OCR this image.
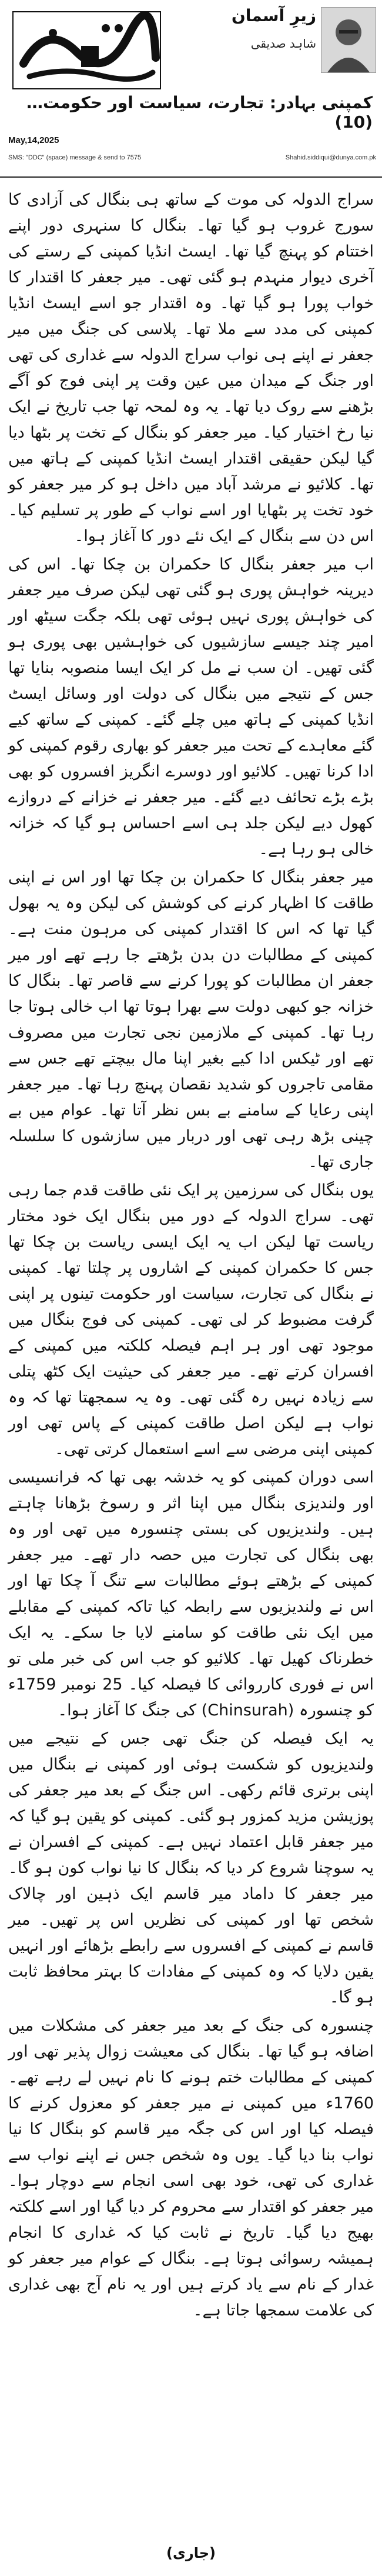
زیرِ آسمان
شاہد صدیقی
کمپنی بہادر: تجارت، سیاست اور حکومت…(10)
May,14,2025
SMS: "DDC" (space) message & send to 7575	Shahid.siddiqui@dunya.com.pk

سراج الدولہ کی موت کے ساتھ ہی بنگال کی آزادی کا سورج غروب ہو گیا تھا۔ بنگال کا سنہری دور اپنے اختتام کو پہنچ گیا تھا۔ ایسٹ انڈیا کمپنی کے رستے کی آخری دیوار منہدم ہو گئی تھی۔ میر جعفر کا اقتدار کا خواب پورا ہو گیا تھا۔ وہ اقتدار جو اسے ایسٹ انڈیا کمپنی کی مدد سے ملا تھا۔ پلاسی کی جنگ میں میر جعفر نے اپنے ہی نواب سراج الدولہ سے غداری کی تھی اور جنگ کے میدان میں عین وقت پر اپنی فوج کو آگے بڑھنے سے روک دیا تھا۔ یہ وہ لمحہ تھا جب تاریخ نے ایک نیا رخ اختیار کیا۔ میر جعفر کو بنگال کے تخت پر بٹھا دیا گیا لیکن حقیقی اقتدار ایسٹ انڈیا کمپنی کے ہاتھ میں تھا۔ کلائیو نے مرشد آباد میں داخل ہو کر میر جعفر کو خود تخت پر بٹھایا اور اسے نواب کے طور پر تسلیم کیا۔ اس دن سے بنگال کے ایک نئے دور کا آغاز ہوا۔

اب میر جعفر بنگال کا حکمران بن چکا تھا۔ اس کی دیرینہ خواہش پوری ہو گئی تھی لیکن صرف میر جعفر کی خواہش پوری نہیں ہوئی تھی بلکہ جگت سیٹھ اور امیر چند جیسے سازشیوں کی خواہشیں بھی پوری ہو گئی تھیں۔ ان سب نے مل کر ایک ایسا منصوبہ بنایا تھا جس کے نتیجے میں بنگال کی دولت اور وسائل ایسٹ انڈیا کمپنی کے ہاتھ میں چلے گئے۔ کمپنی کے ساتھ کیے گئے معاہدے کے تحت میر جعفر کو بھاری رقوم کمپنی کو ادا کرنا تھیں۔ کلائیو اور دوسرے انگریز افسروں کو بھی بڑے بڑے تحائف دیے گئے۔ میر جعفر نے خزانے کے دروازے کھول دیے لیکن جلد ہی اسے احساس ہو گیا کہ خزانہ خالی ہو رہا ہے۔

میر جعفر بنگال کا حکمران بن چکا تھا اور اس نے اپنی طاقت کا اظہار کرنے کی کوشش کی لیکن وہ یہ بھول گیا تھا کہ اس کا اقتدار کمپنی کی مرہون منت ہے۔ کمپنی کے مطالبات دن بدن بڑھتے جا رہے تھے اور میر جعفر ان مطالبات کو پورا کرنے سے قاصر تھا۔ بنگال کا خزانہ جو کبھی دولت سے بھرا ہوتا تھا اب خالی ہوتا جا رہا تھا۔ کمپنی کے ملازمین نجی تجارت میں مصروف تھے اور ٹیکس ادا کیے بغیر اپنا مال بیچتے تھے جس سے مقامی تاجروں کو شدید نقصان پہنچ رہا تھا۔ میر جعفر اپنی رعایا کے سامنے بے بس نظر آتا تھا۔ عوام میں بے چینی بڑھ رہی تھی اور دربار میں سازشوں کا سلسلہ جاری تھا۔

یوں بنگال کی سرزمین پر ایک نئی طاقت قدم جما رہی تھی۔ سراج الدولہ کے دور میں بنگال ایک خود مختار ریاست تھا لیکن اب یہ ایک ایسی ریاست بن چکا تھا جس کا حکمران کمپنی کے اشاروں پر چلتا تھا۔ کمپنی نے بنگال کی تجارت، سیاست اور حکومت تینوں پر اپنی گرفت مضبوط کر لی تھی۔ کمپنی کی فوج بنگال میں موجود تھی اور ہر اہم فیصلہ کلکتہ میں کمپنی کے افسران کرتے تھے۔ میر جعفر کی حیثیت ایک کٹھ پتلی سے زیادہ نہیں رہ گئی تھی۔ وہ یہ سمجھتا تھا کہ وہ نواب ہے لیکن اصل طاقت کمپنی کے پاس تھی اور کمپنی اپنی مرضی سے اسے استعمال کرتی تھی۔

اسی دوران کمپنی کو یہ خدشہ بھی تھا کہ فرانسیسی اور ولندیزی بنگال میں اپنا اثر و رسوخ بڑھانا چاہتے ہیں۔ ولندیزیوں کی بستی چنسورہ میں تھی اور وہ بھی بنگال کی تجارت میں حصہ دار تھے۔ میر جعفر کمپنی کے بڑھتے ہوئے مطالبات سے تنگ آ چکا تھا اور اس نے ولندیزیوں سے رابطہ کیا تاکہ کمپنی کے مقابلے میں ایک نئی طاقت کو سامنے لایا جا سکے۔ یہ ایک خطرناک کھیل تھا۔ کلائیو کو جب اس کی خبر ملی تو اس نے فوری کارروائی کا فیصلہ کیا۔ 25 نومبر 1759ء کو چنسورہ (Chinsurah) کی جنگ کا آغاز ہوا۔

یہ ایک فیصلہ کن جنگ تھی جس کے نتیجے میں ولندیزیوں کو شکست ہوئی اور کمپنی نے بنگال میں اپنی برتری قائم رکھی۔ اس جنگ کے بعد میر جعفر کی پوزیشن مزید کمزور ہو گئی۔ کمپنی کو یقین ہو گیا کہ میر جعفر قابل اعتماد نہیں ہے۔ کمپنی کے افسران نے یہ سوچنا شروع کر دیا کہ بنگال کا نیا نواب کون ہو گا۔ میر جعفر کا داماد میر قاسم ایک ذہین اور چالاک شخص تھا اور کمپنی کی نظریں اس پر تھیں۔ میر قاسم نے کمپنی کے افسروں سے رابطے بڑھائے اور انہیں یقین دلایا کہ وہ کمپنی کے مفادات کا بہتر محافظ ثابت ہو گا۔

چنسورہ کی جنگ کے بعد میر جعفر کی مشکلات میں اضافہ ہو گیا تھا۔ بنگال کی معیشت زوال پذیر تھی اور کمپنی کے مطالبات ختم ہونے کا نام نہیں لے رہے تھے۔ 1760ء میں کمپنی نے میر جعفر کو معزول کرنے کا فیصلہ کیا اور اس کی جگہ میر قاسم کو بنگال کا نیا نواب بنا دیا گیا۔ یوں وہ شخص جس نے اپنے نواب سے غداری کی تھی، خود بھی اسی انجام سے دوچار ہوا۔ میر جعفر کو اقتدار سے محروم کر دیا گیا اور اسے کلکتہ بھیج دیا گیا۔ تاریخ نے ثابت کیا کہ غداری کا انجام ہمیشہ رسوائی ہوتا ہے۔ بنگال کے عوام میر جعفر کو غدار کے نام سے یاد کرتے ہیں اور یہ نام آج بھی غداری کی علامت سمجھا جاتا ہے۔

(جاری)
